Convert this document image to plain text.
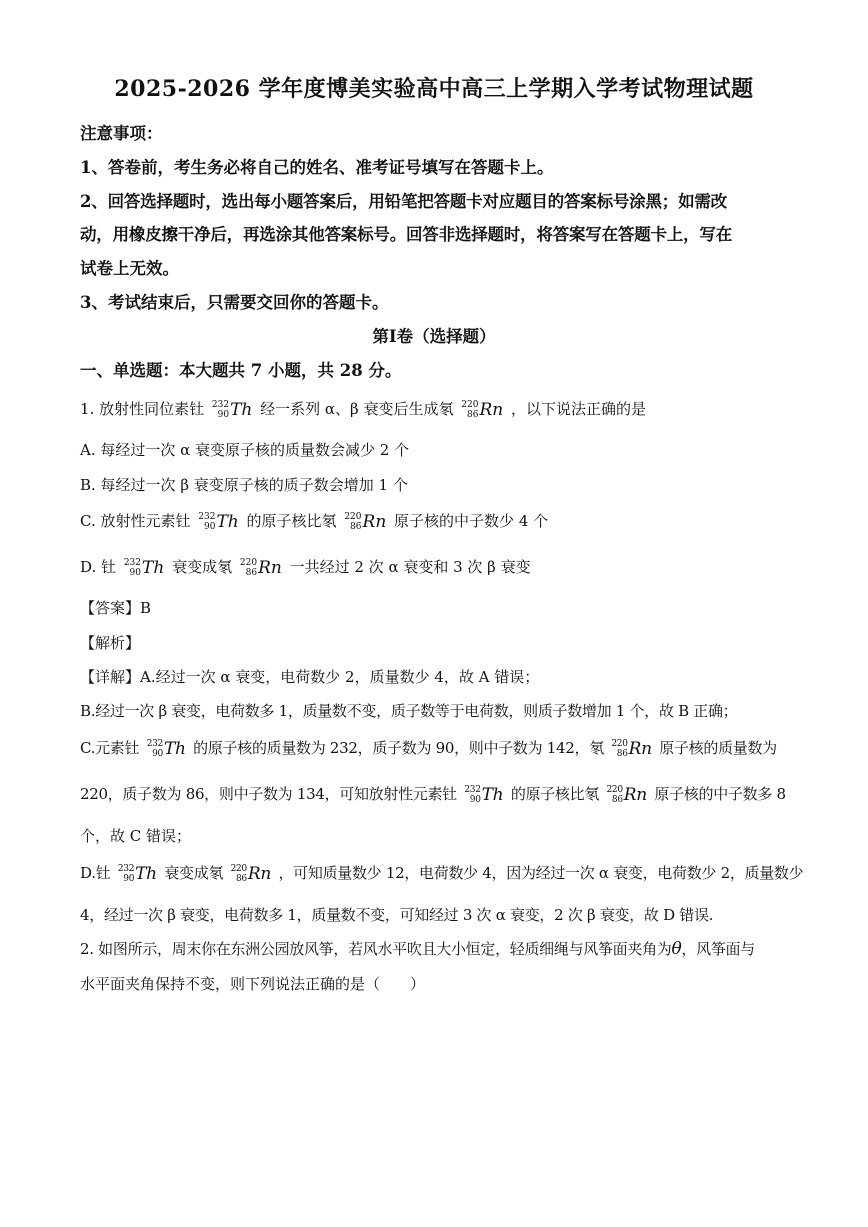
2025-2026 学年度博美实验高中高三上学期入学考试物理试题
注意事项：
1、答卷前，考生务必将自己的姓名、准考证号填写在答题卡上。
2、回答选择题时，选出每小题答案后，用铅笔把答题卡对应题目的答案标号涂黑；如需改
动，用橡皮擦干净后，再选涂其他答案标号。回答非选择题时，将答案写在答题卡上，写在
试卷上无效。
3、考试结束后，只需要交回你的答题卡。
第Ⅰ卷（选择题）
一、单选题：本大题共 7 小题，共 28 分。
1. 放射性同位素钍 232
90 Th 经一系列 α、β 衰变后生成氡 220
86 Rn ，以下说法正确的是
A. 每经过一次 α 衰变原子核的质量数会减少 2 个
B. 每经过一次 β 衰变原子核的质子数会增加 1 个
C. 放射性元素钍 232
90 Th 的原子核比氡 220
86 Rn 原子核的中子数少 4 个
D. 钍 232
90 Th 衰变成氡 220
86 Rn 一共经过 2 次 α 衰变和 3 次 β 衰变
【答案】B
【解析】
【详解】A.经过一次 α 衰变，电荷数少 2，质量数少 4，故 A 错误；
B.经过一次 β 衰变，电荷数多 1，质量数不变，质子数等于电荷数，则质子数增加 1 个，故 B 正确；
C.元素钍 232
90 Th 的原子核的质量数为 232，质子数为 90，则中子数为 142，氡 220
86 Rn 原子核的质量数为
220，质子数为 86，则中子数为 134，可知放射性元素钍 232
90 Th 的原子核比氡 220
86 Rn 原子核的中子数多 8
个，故 C 错误；
D.钍 232
90 Th 衰变成氡 220
86 Rn ，可知质量数少 12，电荷数少 4，因为经过一次 α 衰变，电荷数少 2，质量数少
4，经过一次 β 衰变，电荷数多 1，质量数不变，可知经过 3 次 α 衰变，2 次 β 衰变，故 D 错误.
2. 如图所示，周末你在东洲公园放风筝，若风水平吹且大小恒定，轻质细绳与风筝面夹角为θ，风筝面与
水平面夹角保持不变，则下列说法正确的是（　　）
